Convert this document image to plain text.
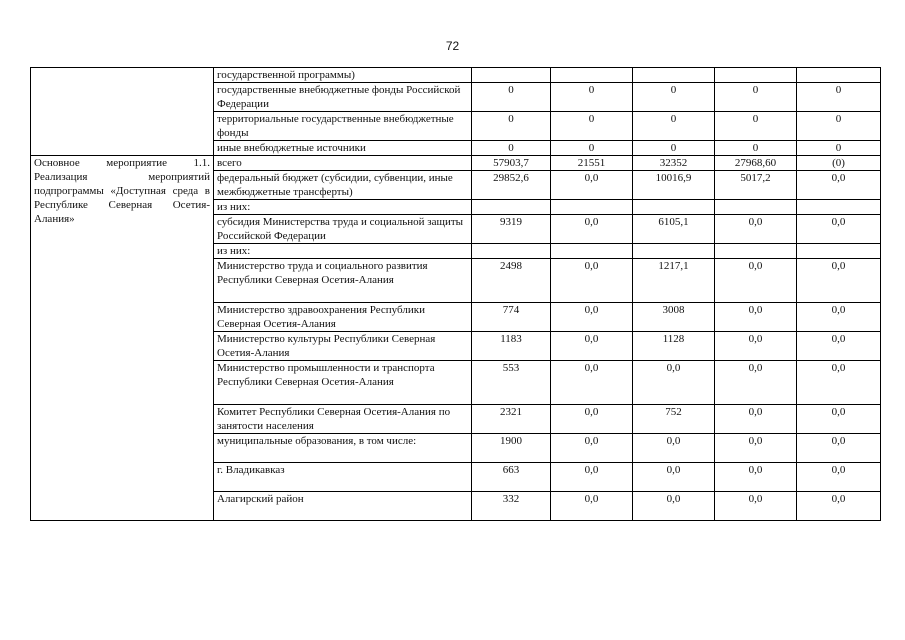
72
	государственной программы)					
	государственные внебюджетные фонды Российской Федерации	0	0	0	0	0
	территориальные государственные внебюджетные фонды	0	0	0	0	0
	иные внебюджетные источники	0	0	0	0	0
Основное мероприятие 1.1. Реализация мероприятий подпрограммы «Доступная среда в Республике Северная Осетия-Алания»	всего	57903,7	21551	32352	27968,60	(0)
	федеральный бюджет (субсидии, субвенции, иные межбюджетные трансферты)	29852,6	0,0	10016,9	5017,2	0,0
	из них:					
	субсидия Министерства труда и социальной защиты Российской Федерации	9319	0,0	6105,1	0,0	0,0
	из них:					
	Министерство труда и социального развития Республики Северная Осетия-Алания	2498	0,0	1217,1	0,0	0,0
	Министерство здравоохранения Республики Северная Осетия-Алания	774	0,0	3008	0,0	0,0
	Министерство культуры Республики Северная Осетия-Алания	1183	0,0	1128	0,0	0,0
	Министерство промышленности и транспорта Республики Северная Осетия-Алания	553	0,0	0,0	0,0	0,0
	Комитет Республики Северная Осетия-Алания по занятости населения	2321	0,0	752	0,0	0,0
	муниципальные образования, в том числе:	1900	0,0	0,0	0,0	0,0
	г. Владикавказ	663	0,0	0,0	0,0	0,0
	Алагирский район	332	0,0	0,0	0,0	0,0
